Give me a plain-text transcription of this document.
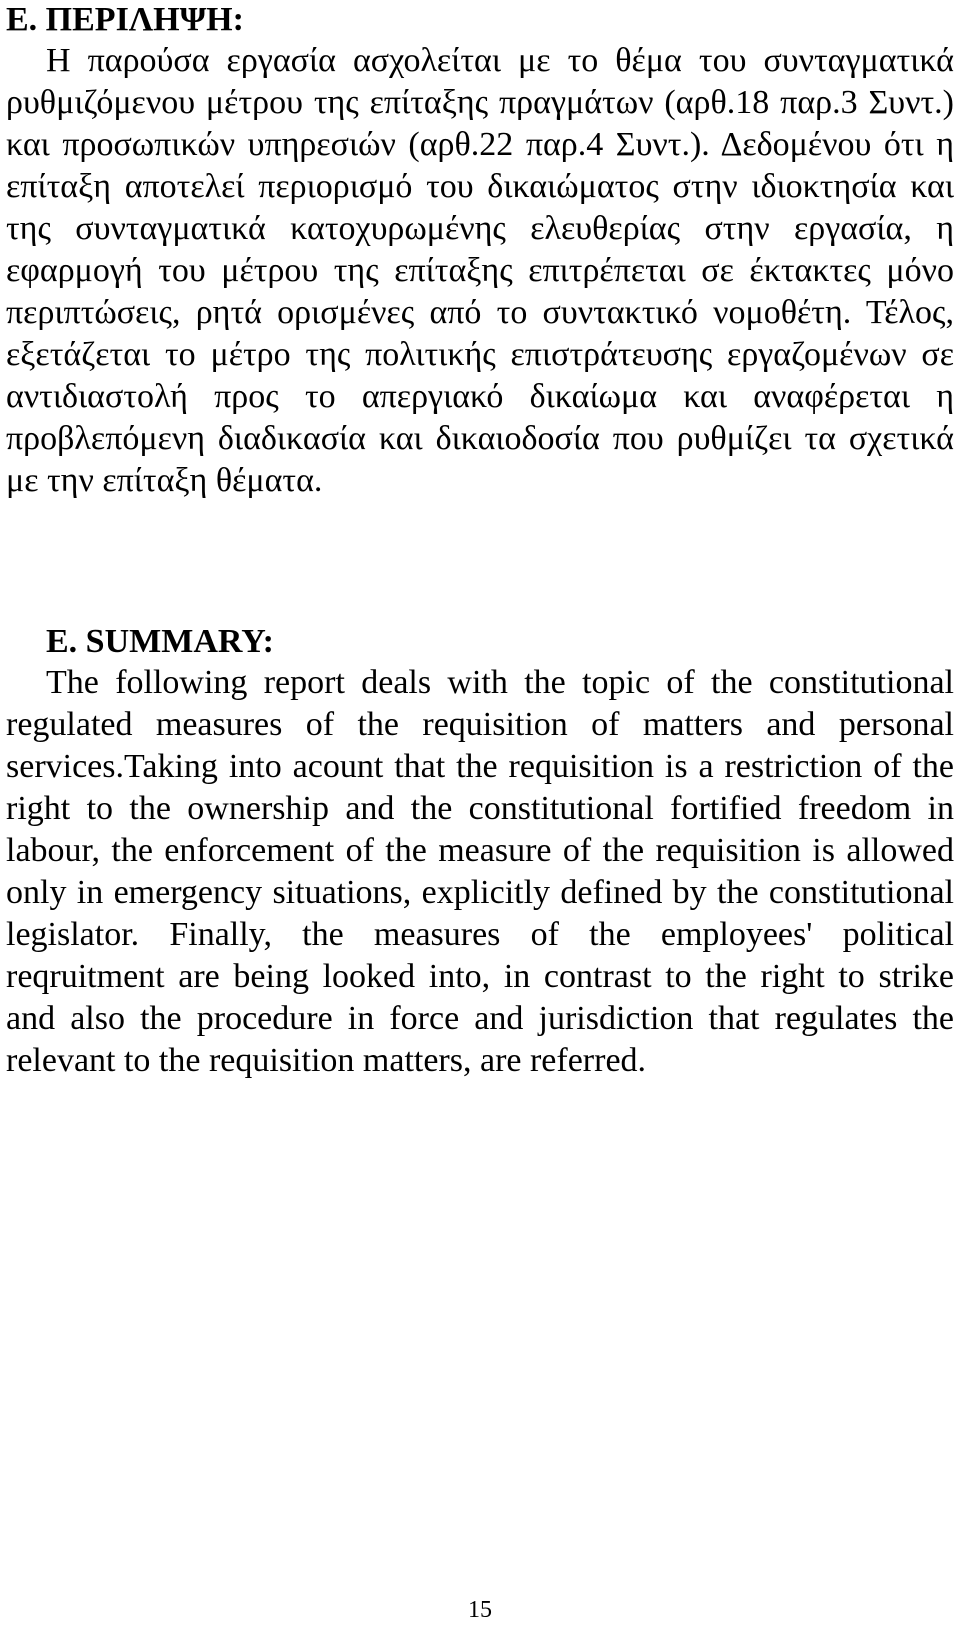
Ε. ΠΕΡΙΛΗΨΗ:

Η παρούσα εργασία ασχολείται με το θέμα του συνταγματικά ρυθμιζόμενου μέτρου της επίταξης πραγμάτων (αρθ.18 παρ.3 Συντ.) και προσωπικών υπηρεσιών (αρθ.22 παρ.4 Συντ.). Δεδομένου ότι η επίταξη αποτελεί περιορισμό του δικαιώματος στην ιδιοκτησία και της συνταγματικά κατοχυρωμένης ελευθερίας στην εργασία, η εφαρμογή του μέτρου της επίταξης επιτρέπεται σε έκτακτες μόνο περιπτώσεις, ρητά ορισμένες από το συντακτικό νομοθέτη. Τέλος, εξετάζεται το μέτρο της πολιτικής επιστράτευσης εργαζομένων σε αντιδιαστολή προς το απεργιακό δικαίωμα και αναφέρεται η προβλεπόμενη διαδικασία και δικαιοδοσία που ρυθμίζει τα σχετικά με την επίταξη θέματα.

E. SUMMARY:

The following report deals with the topic of the constitutional regulated measures of the requisition of matters and personal services.Taking into acount that the requisition is a restriction of the right to the ownership and the constitutional fortified freedom in labour, the enforcement of the measure of the requisition is allowed only in emergency situations, explicitly defined by the constitutional legislator. Finally, the measures of the employees' political reqruitment are being looked into, in contrast to the right to strike and also the procedure in force and jurisdiction that regulates the relevant to the requisition matters, are referred.

15
